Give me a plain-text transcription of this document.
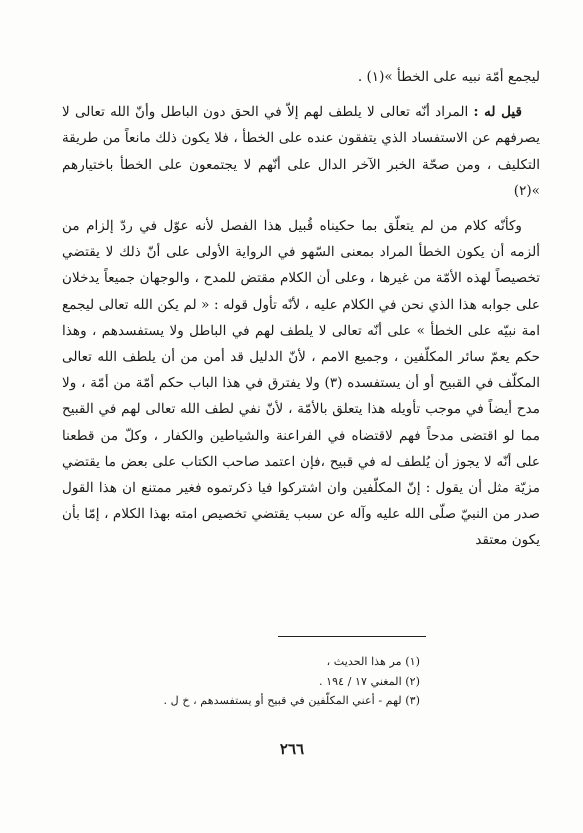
ليجمع أمّة نبيه على الخطأ »(١) .

قيل له : المراد أنّه تعالى لا يلطف لهم إلاّ في الحق دون الباطل وأنّ الله تعالى لا يصرفهم عن الاستفساد الذي يتفقون عنده على الخطأ ، فلا يكون ذلك مانعاً من طريقة التكليف ، ومن صحّة الخبر الآخر الدال على أنّهم لا يجتمعون على الخطأ باختيارهم »(٢)

وكأنّه كلام من لم يتعلّق بما حكيناه قُبيل هذا الفصل لأنه عوّل في ردّ إلزام من ألزمه أن يكون الخطأ المراد بمعنى السّهو في الرواية الأولى على أنّ ذلك لا يقتضي تخصيصاً لهذه الأمّة من غيرها ، وعلى أن الكلام مقتض للمدح ، والوجهان جميعاً يدخلان على جوابه هذا الذي نحن في الكلام عليه ، لأنّه تأول قوله : « لم يكن الله تعالى ليجمع امة نبيّه على الخطأ » على أنّه تعالى لا يلطف لهم في الباطل ولا يستفسدهم ، وهذا حكم يعمّ سائر المكلّفين ، وجميع الامم ، لأنّ الدليل قد أمن من أن يلطف الله تعالى المكلّف في القبيح أو أن يستفسده (٣) ولا يفترق في هذا الباب حكم أمّة من أمّة ، ولا مدح أيضاً في موجب تأويله هذا يتعلق بالأمّة ، لأنّ نفي لطف الله تعالى لهم في القبيح مما لو اقتضى مدحاً فهم لاقتضاه في الفراعنة والشياطين والكفار ، وكلّ من قطعنا على أنّه لا يجوز أن يُلطف له في قبيح ،فإن اعتمد صاحب الكتاب على بعض ما يقتضي مزيّة مثل أن يقول : إنّ المكلّفين وان اشتركوا فيا ذكرتموه فغير ممتنع ان هذا القول صدر من النبيّ صلّى الله عليه وآله عن سبب يقتضي تخصيص امته بهذا الكلام ، إمّا بأن يكون معتقد

(١) مر هذا الحديث ،

(٢) المغني ١٧ / ١٩٤ .

(٣) لهم - أعني المكلّفين في قبيح أو يستفسدهم ، خ ل .

٢٦٦
